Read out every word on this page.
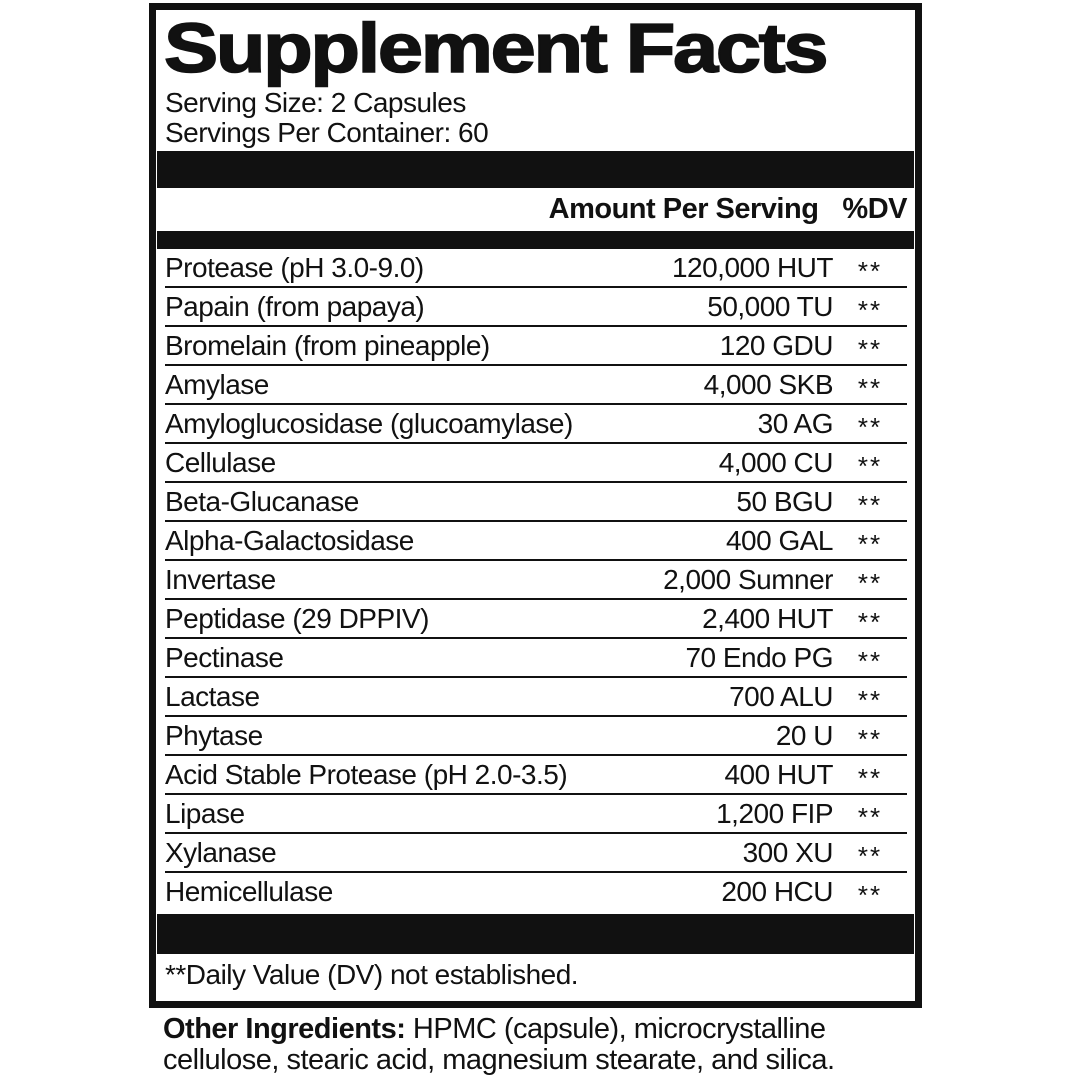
Supplement Facts
Serving Size: 2 Capsules
Servings Per Container: 60
Amount Per Serving %DV
Protease (pH 3.0-9.0)	120,000 HUT **
Papain (from papaya)	50,000 TU **
Bromelain (from pineapple)	120 GDU **
Amylase	4,000 SKB **
Amyloglucosidase (glucoamylase)	30 AG **
Cellulase	4,000 CU **
Beta-Glucanase	50 BGU **
Alpha-Galactosidase	400 GAL **
Invertase	2,000 Sumner **
Peptidase (29 DPPIV)	2,400 HUT **
Pectinase	70 Endo PG **
Lactase	700 ALU **
Phytase	20 U **
Acid Stable Protease (pH 2.0-3.5)	400 HUT **
Lipase	1,200 FIP **
Xylanase	300 XU **
Hemicellulase	200 HCU **
**Daily Value (DV) not established.
Other Ingredients: HPMC (capsule), microcrystalline cellulose, stearic acid, magnesium stearate, and silica.
